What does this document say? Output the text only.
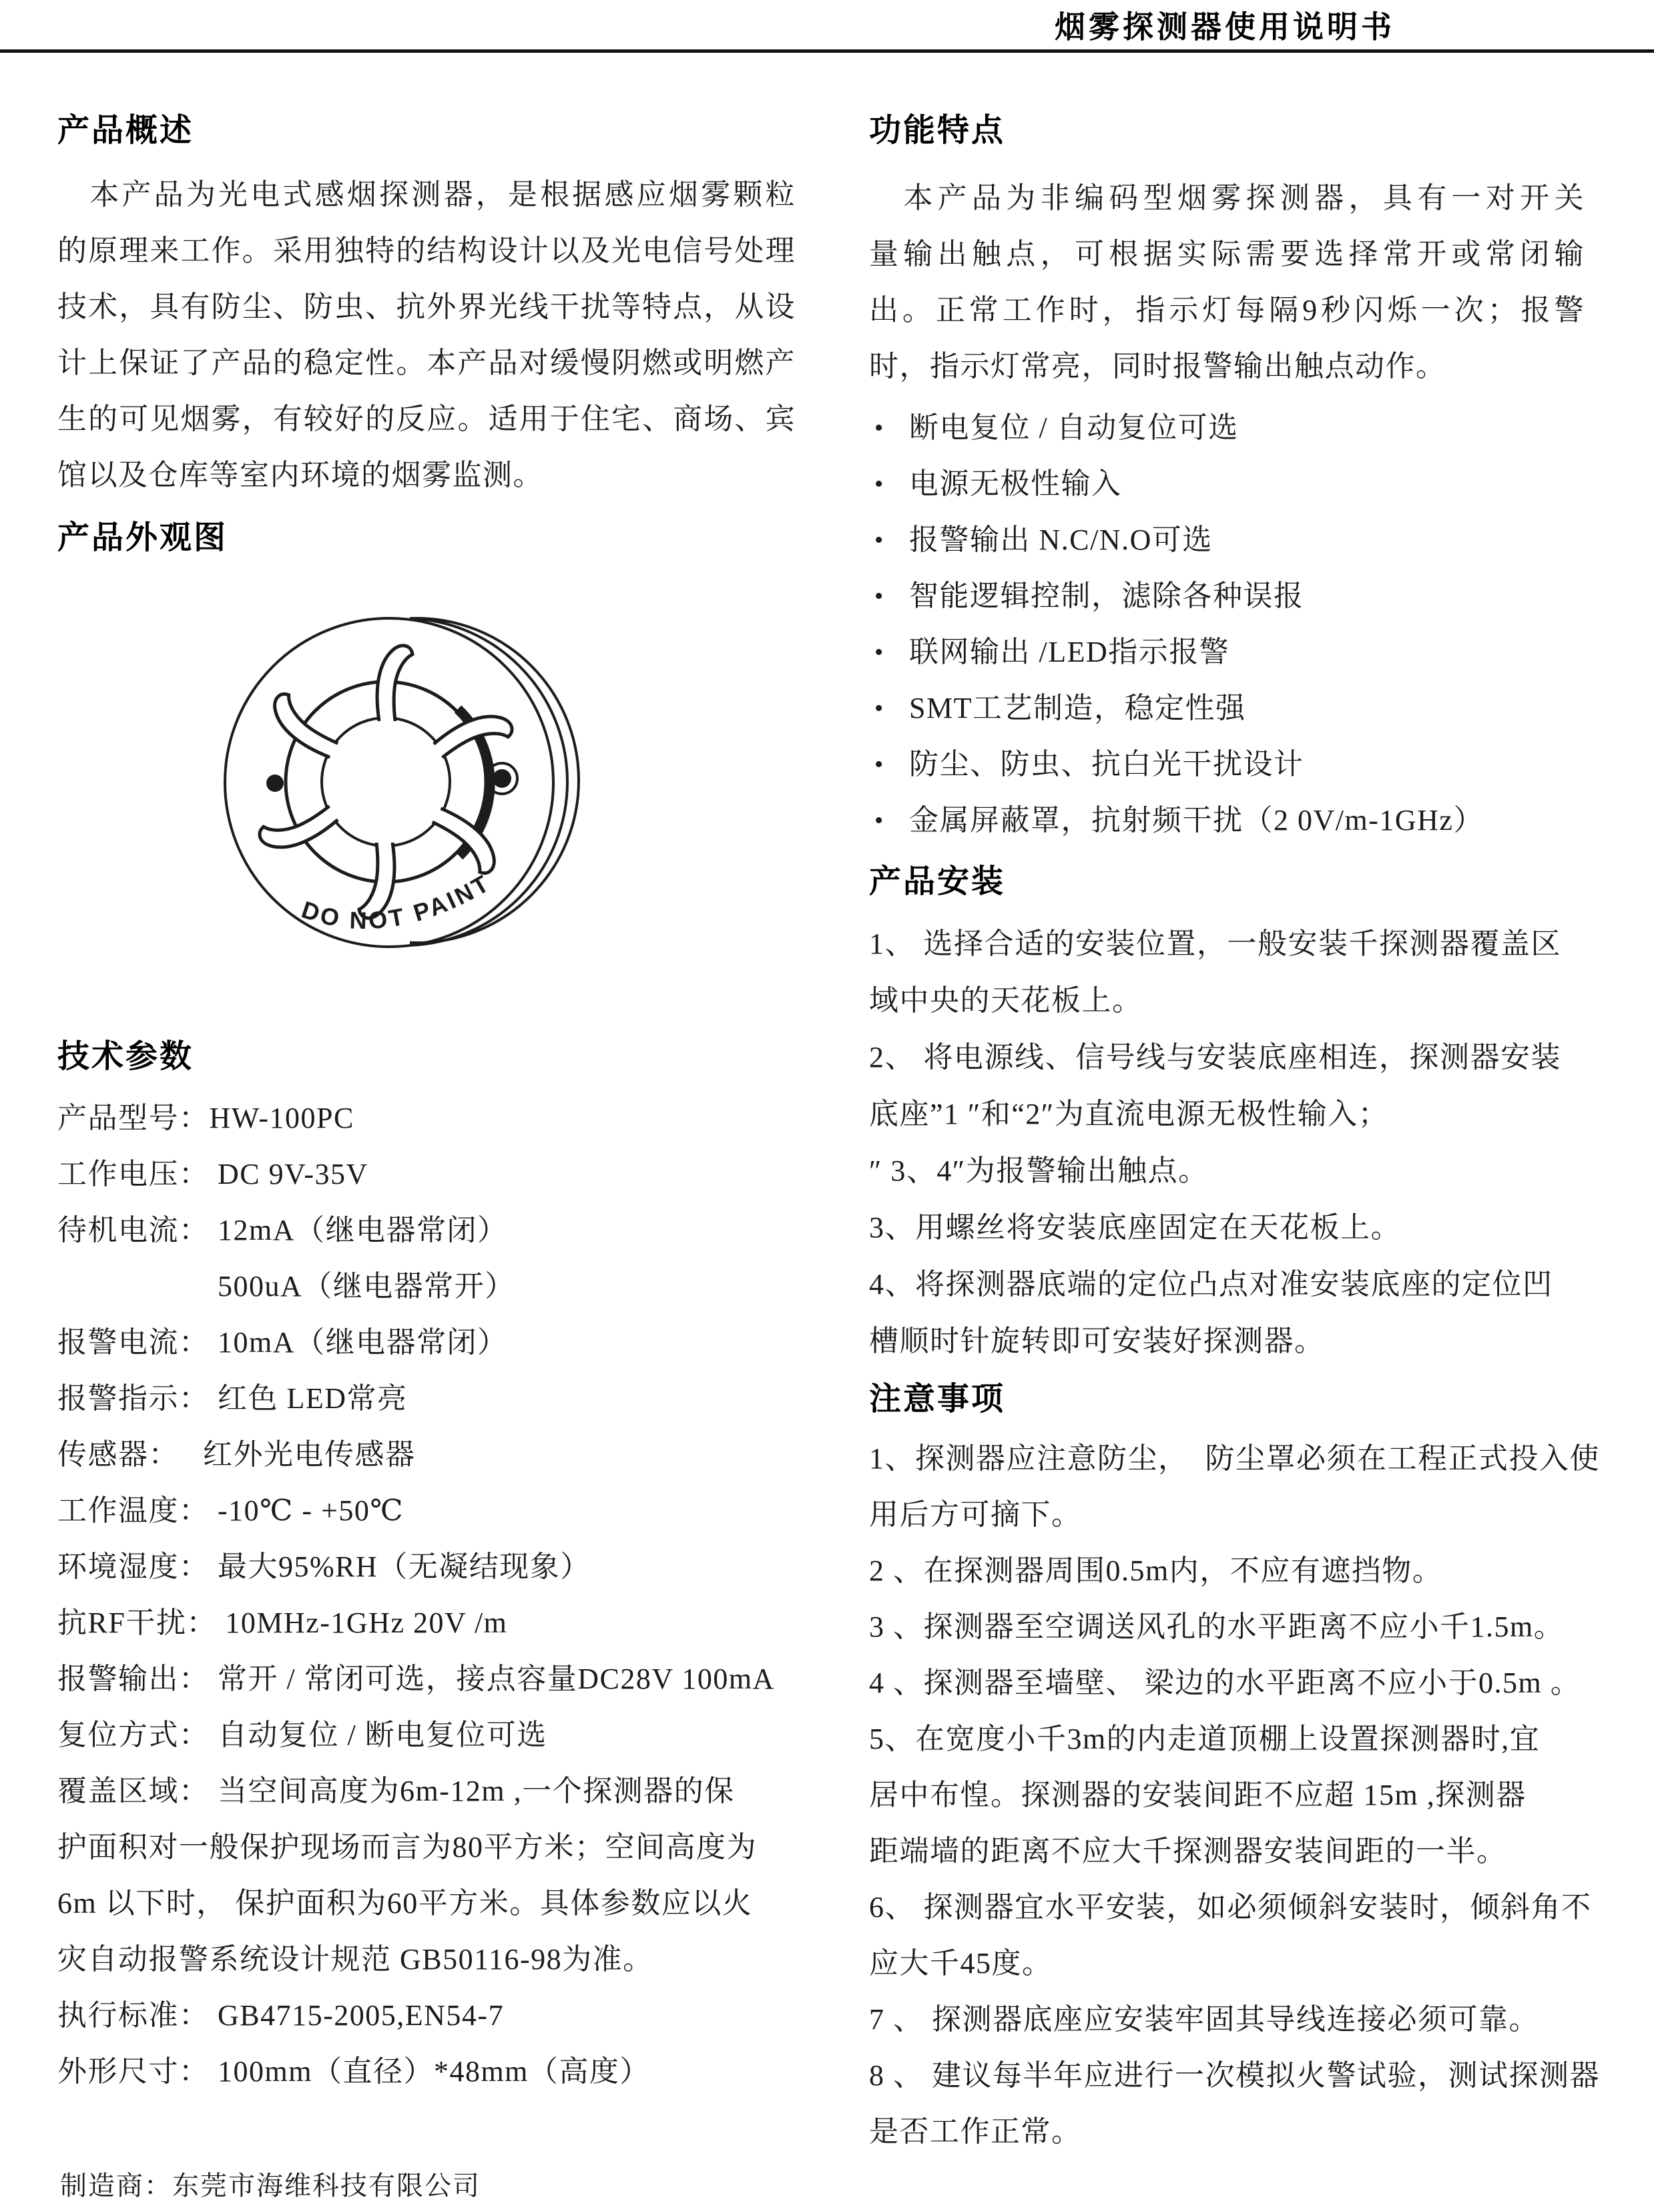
烟雾探测器使用说明书
产品概述
　本产品为光电式感烟探测器，是根据感应烟雾颗粒
的原理来工作。采用独特的结构设计以及光电信号处理
技术，具有防尘、防虫、抗外界光线干扰等特点，从设
计上保证了产品的稳定性。本产品对缓慢阴燃或明燃产
生的可见烟雾，有较好的反应。适用于住宅、商场、宾
馆以及仓库等室内环境的烟雾监测。
产品外观图
DO NOT PAINT
技术参数
产品型号：HW-100PC
工作电压： DC 9V-35V
待机电流： 12mA（继电器常闭）
　　　　　 500uA（继电器常开）
报警电流： 10mA（继电器常闭）
报警指示： 红色 LED常亮
传感器：　 红外光电传感器
工作温度： -10℃ - +50℃
环境湿度： 最大95%RH（无凝结现象）
抗RF干扰： 10MHz-1GHz 20V /m
报警输出： 常开 / 常闭可选，接点容量DC28V 100mA
复位方式： 自动复位 / 断电复位可选
覆盖区域： 当空间高度为6m-12m ,一个探测器的保
护面积对一般保护现场而言为80平方米；空间高度为
6m 以下时， 保护面积为60平方米。具体参数应以火
灾自动报警系统设计规范 GB50116-98为准。
执行标准： GB4715-2005,EN54-7
外形尺寸： 100mm（直径）*48mm（高度）
制造商：东莞市海维科技有限公司
功能特点
　本产品为非编码型烟雾探测器，具有一对开关
量输出触点，可根据实际需要选择常开或常闭输
出。正常工作时，指示灯每隔9秒闪烁一次；报警
时，指示灯常亮，同时报警输出触点动作。
• 断电复位 / 自动复位可选
• 电源无极性输入
• 报警输出 N.C/N.O可选
• 智能逻辑控制，滤除各种误报
• 联网输出 /LED指示报警
• SMT工艺制造，稳定性强
• 防尘、防虫、抗白光干扰设计
• 金属屏蔽罩，抗射频干扰（2 0V/m-1GHz）
产品安装
1、 选择合适的安装位置，一般安装千探测器覆盖区
域中央的天花板上。
2、 将电源线、信号线与安装底座相连，探测器安装
底座”1 ″和“2″为直流电源无极性输入；
″ 3、4″为报警输出触点。
3、用螺丝将安装底座固定在天花板上。
4、将探测器底端的定位凸点对准安装底座的定位凹
槽顺时针旋转即可安装好探测器。
注意事项
1、探测器应注意防尘，  防尘罩必须在工程正式投入使
用后方可摘下。
2 、在探测器周围0.5m内，不应有遮挡物。
3 、探测器至空调送风孔的水平距离不应小千1.5m。
4 、探测器至墙壁、 梁边的水平距离不应小于0.5m 。
5、在宽度小千3m的内走道顶棚上设置探测器时,宜
居中布惶。探测器的安装间距不应超 15m ,探测器
距端墙的距离不应大千探测器安装间距的一半。
6、 探测器宜水平安装，如必须倾斜安装时，倾斜角不
应大千45度。
7 、 探测器底座应安装牢固其导线连接必须可靠。
8 、 建议每半年应进行一次模拟火警试验，测试探测器
是否工作正常。
